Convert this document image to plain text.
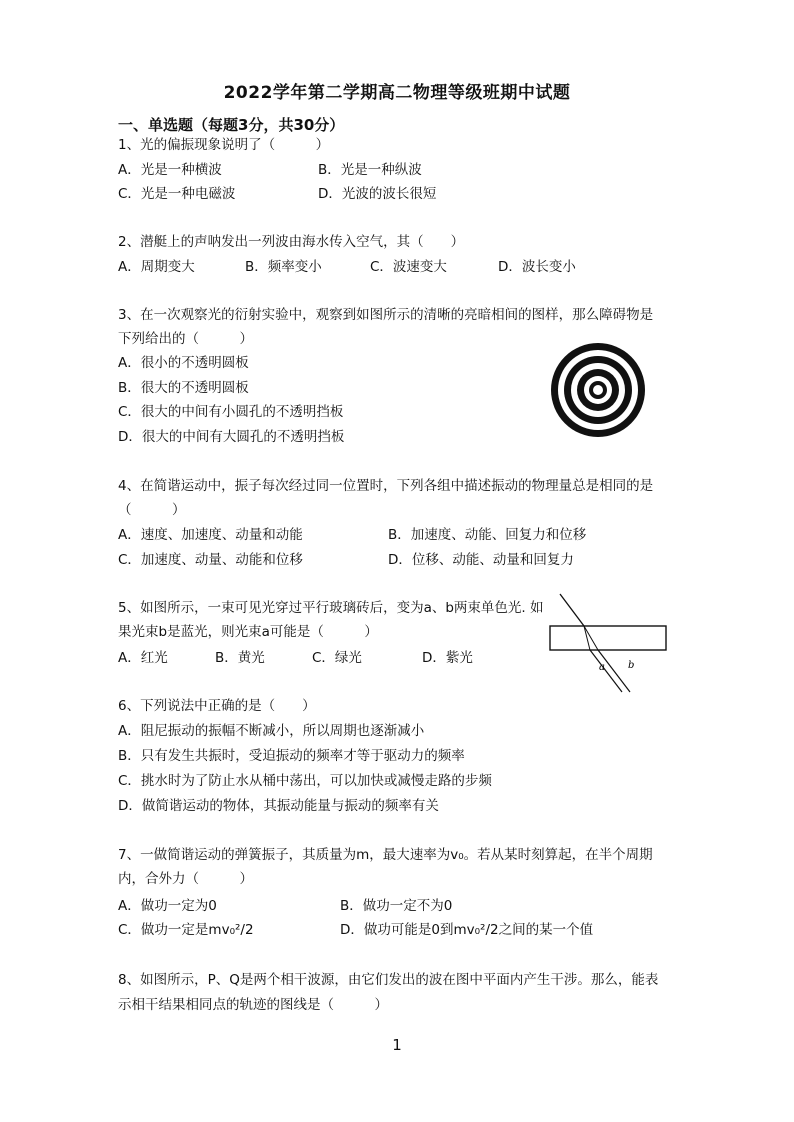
2022学年第二学期高二物理等级班期中试题
一、单选题（每题3分，共30分）
1、光的偏振现象说明了（　　　）
A．光是一种横波	B．光是一种纵波
C．光是一种电磁波	D．光波的波长很短
2、潜艇上的声呐发出一列波由海水传入空气，其（　　）
A．周期变大	B．频率变小	C．波速变大	D．波长变小
3、在一次观察光的衍射实验中，观察到如图所示的清晰的亮暗相间的图样，那么障碍物是
下列给出的（　　　）
A．很小的不透明圆板
B．很大的不透明圆板
C．很大的中间有小圆孔的不透明挡板
D．很大的中间有大圆孔的不透明挡板
4、在简谐运动中，振子每次经过同一位置时，下列各组中描述振动的物理量总是相同的是
（　　　）
A．速度、加速度、动量和动能	B．加速度、动能、回复力和位移
C．加速度、动量、动能和位移	D．位移、动能、动量和回复力
5、如图所示，一束可见光穿过平行玻璃砖后，变为a、b两束单色光. 如
果光束b是蓝光，则光束a可能是（　　　）
A．红光	B．黄光	C．绿光	D．紫光
a b
6、下列说法中正确的是（　　）
A．阻尼振动的振幅不断减小，所以周期也逐渐减小
B．只有发生共振时，受迫振动的频率才等于驱动力的频率
C．挑水时为了防止水从桶中荡出，可以加快或减慢走路的步频
D．做简谐运动的物体，其振动能量与振动的频率有关
7、一做简谐运动的弹簧振子，其质量为m，最大速率为v₀。若从某时刻算起，在半个周期
内，合外力（　　　）
A．做功一定为0	B．做功一定不为0
C．做功一定是mv₀²/2	D．做功可能是0到mv₀²/2之间的某一个值
8、如图所示，P、Q是两个相干波源，由它们发出的波在图中平面内产生干涉。那么，能表
示相干结果相同点的轨迹的图线是（　　　）
1
